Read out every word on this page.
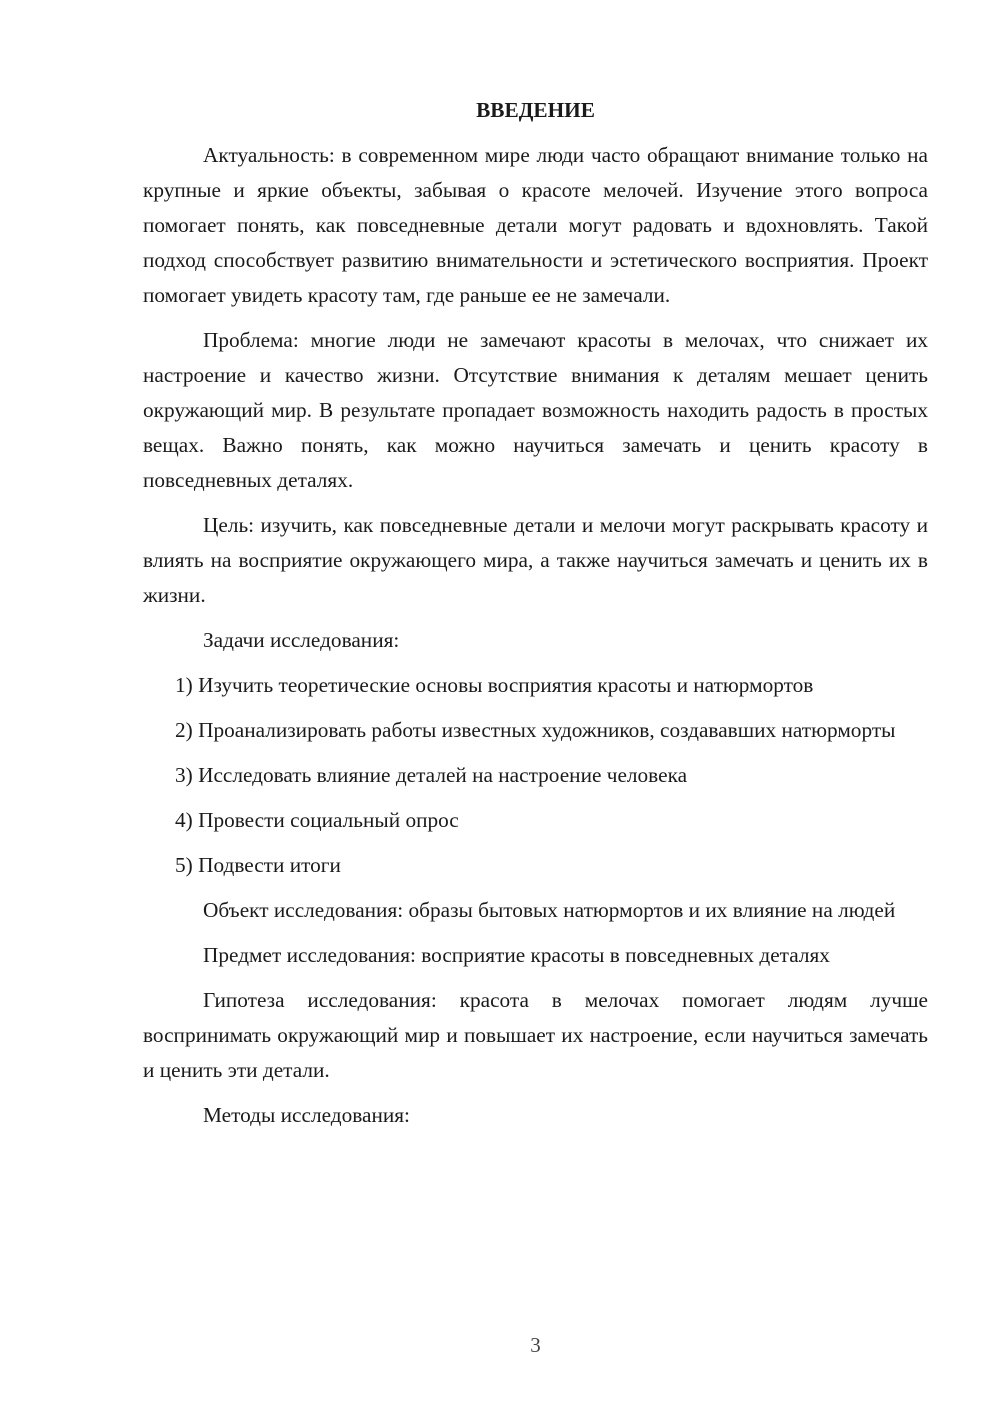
ВВЕДЕНИЕ

Актуальность: в современном мире люди часто обращают внимание только на крупные и яркие объекты, забывая о красоте мелочей. Изучение этого вопроса помогает понять, как повседневные детали могут радовать и вдохновлять. Такой подход способствует развитию внимательности и эстетического восприятия. Проект помогает увидеть красоту там, где раньше ее не замечали.

Проблема: многие люди не замечают красоты в мелочах, что снижает их настроение и качество жизни. Отсутствие внимания к деталям мешает ценить окружающий мир. В результате пропадает возможность находить радость в простых вещах. Важно понять, как можно научиться замечать и ценить красоту в повседневных деталях.

Цель: изучить, как повседневные детали и мелочи могут раскрывать красоту и влиять на восприятие окружающего мира, а также научиться замечать и ценить их в жизни.

Задачи исследования:

1) Изучить теоретические основы восприятия красоты и натюрмортов

2) Проанализировать работы известных художников, создававших натюрморты

3) Исследовать влияние деталей на настроение человека

4) Провести социальный опрос

5) Подвести итоги

Объект исследования: образы бытовых натюрмортов и их влияние на людей

Предмет исследования: восприятие красоты в повседневных деталях

Гипотеза исследования: красота в мелочах помогает людям лучше воспринимать окружающий мир и повышает их настроение, если научиться замечать и ценить эти детали.

Методы исследования:

3
